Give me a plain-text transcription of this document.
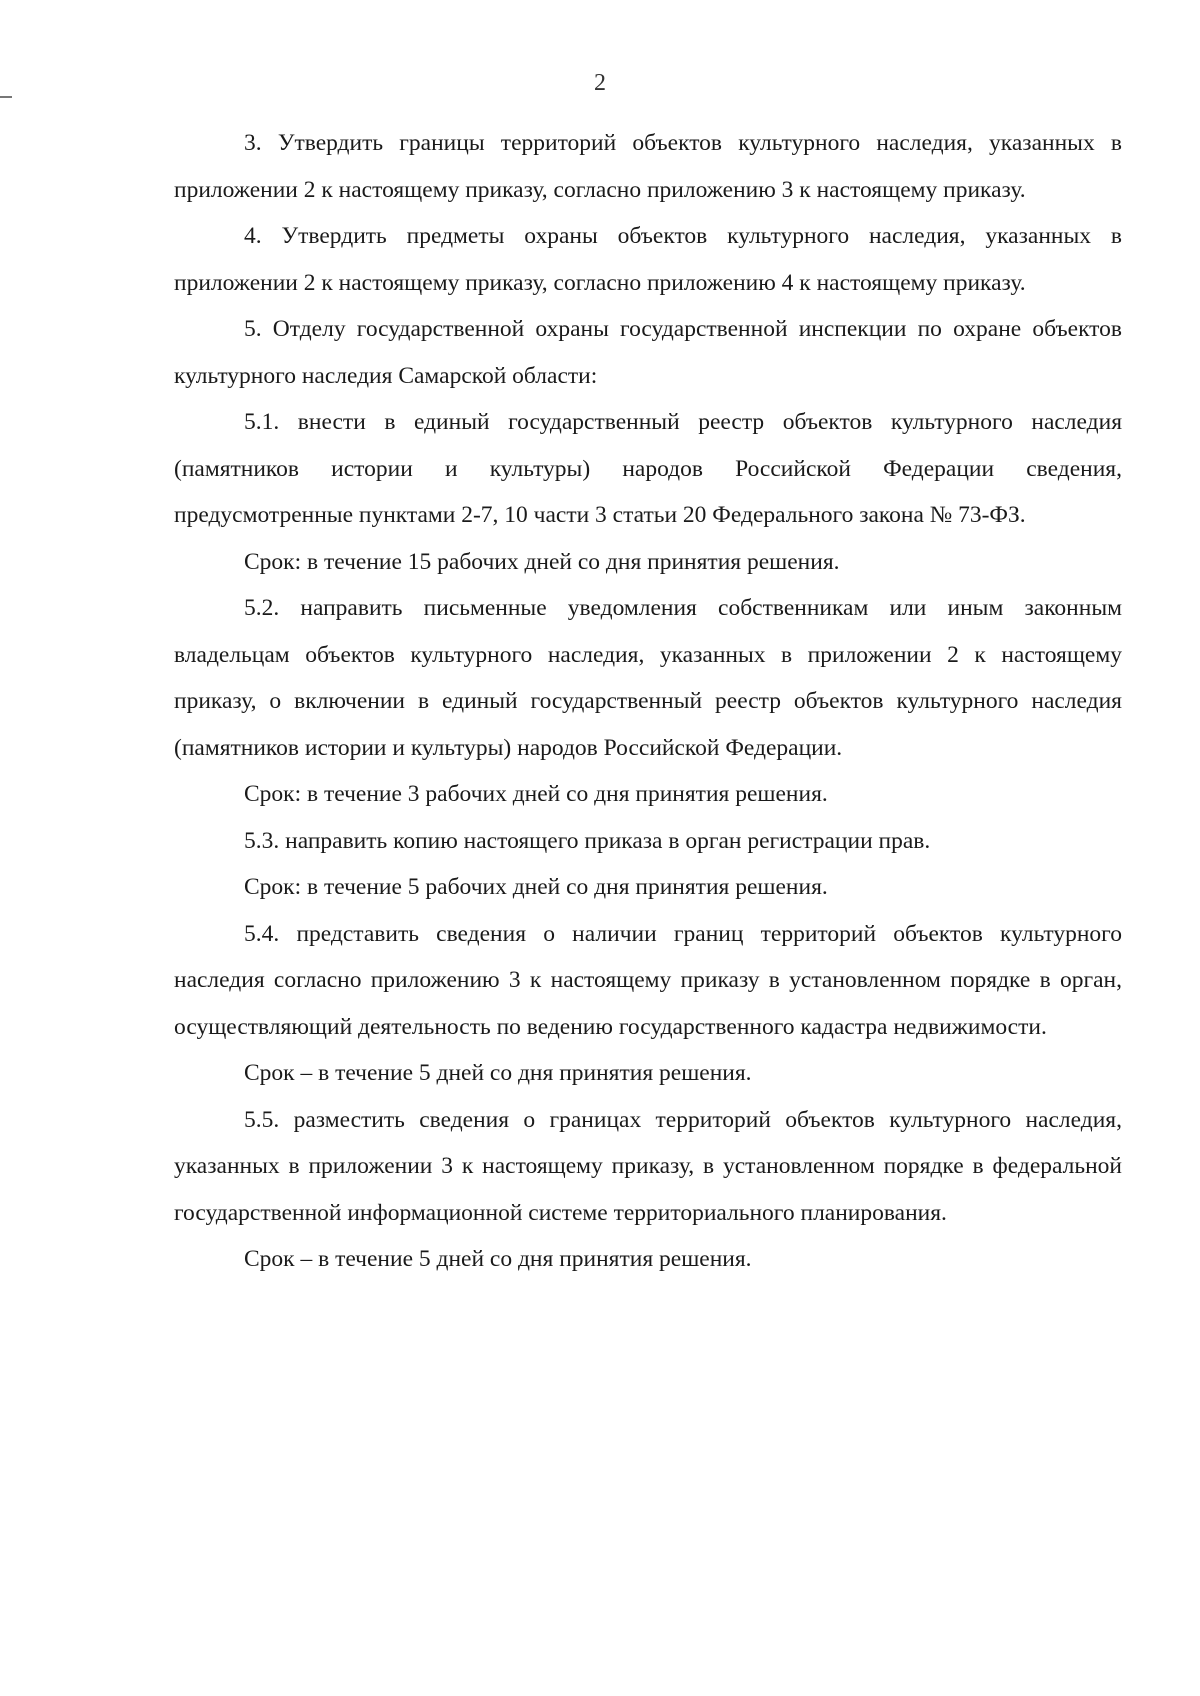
2

3. Утвердить границы территорий объектов культурного наследия, указанных в приложении 2 к настоящему приказу, согласно приложению 3 к настоящему приказу.

4. Утвердить предметы охраны объектов культурного наследия, указанных в приложении 2 к настоящему приказу, согласно приложению 4 к настоящему приказу.

5. Отделу государственной охраны государственной инспекции по охране объектов культурного наследия Самарской области:

5.1. внести в единый государственный реестр объектов культурного наследия (памятников истории и культуры) народов Российской Федерации сведения, предусмотренные пунктами 2-7, 10 части 3 статьи 20 Федерального закона № 73-ФЗ.

Срок: в течение 15 рабочих дней со дня принятия решения.

5.2. направить письменные уведомления собственникам или иным законным владельцам объектов культурного наследия, указанных в приложении 2 к настоящему приказу, о включении в единый государственный реестр объектов культурного наследия (памятников истории и культуры) народов Российской Федерации.

Срок: в течение 3 рабочих дней со дня принятия решения.

5.3. направить копию настоящего приказа в орган регистрации прав.

Срок: в течение 5 рабочих дней со дня принятия решения.

5.4. представить сведения о наличии границ территорий объектов культурного наследия согласно приложению 3 к настоящему приказу в установленном порядке в орган, осуществляющий деятельность по ведению государственного кадастра недвижимости.

Срок – в течение 5 дней со дня принятия решения.

5.5. разместить сведения о границах территорий объектов культурного наследия, указанных в приложении 3 к настоящему приказу, в установленном порядке в федеральной государственной информационной системе территориального планирования.

Срок – в течение 5 дней со дня принятия решения.
